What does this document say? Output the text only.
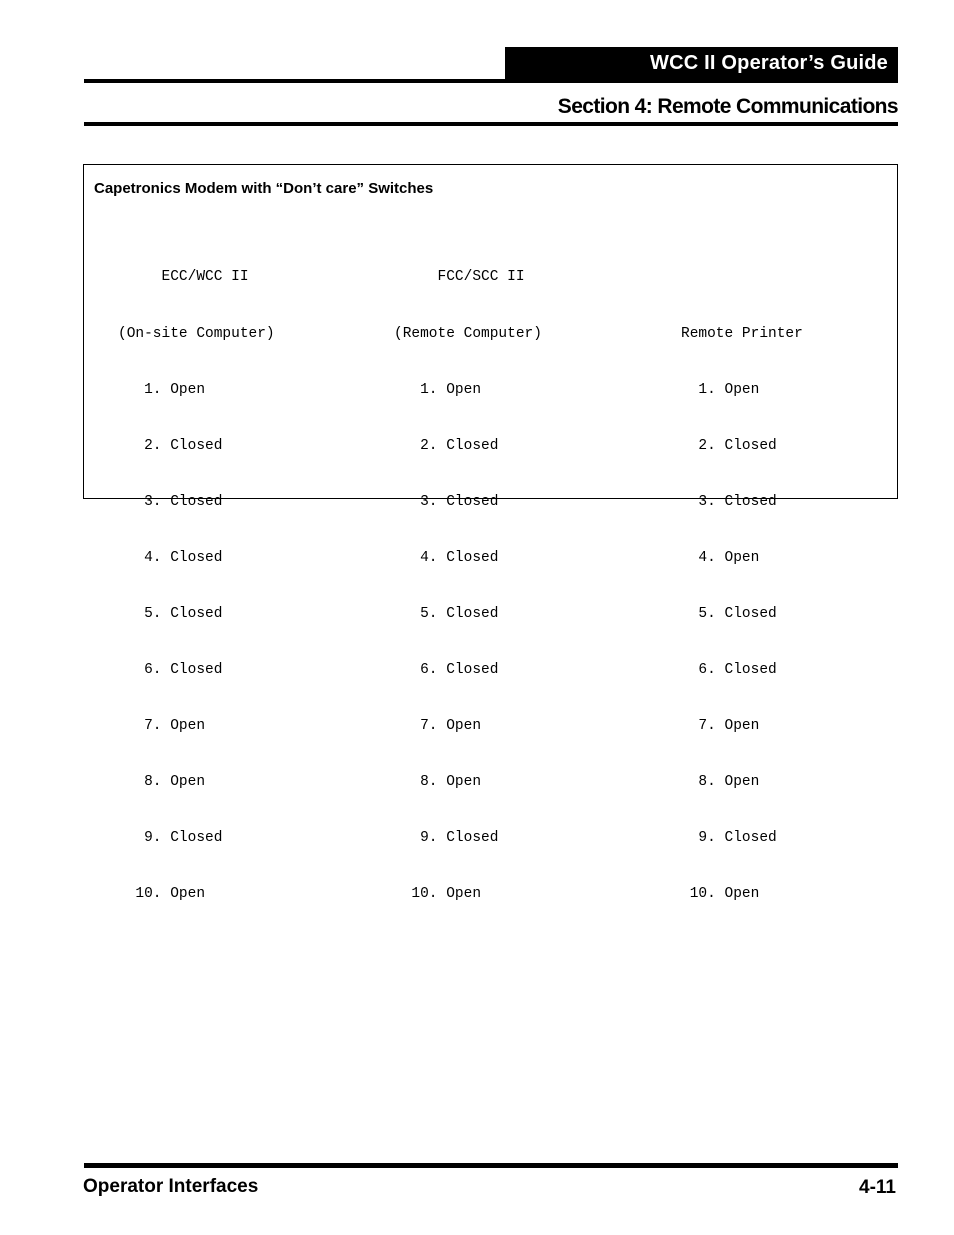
WCC II Operator’s Guide
Section 4: Remote Communications
Capetronics Modem with “Don’t care” Switches

ECC/WCC II

(On-site Computer)

1. Open

2. Closed

3. Closed

4. Closed

5. Closed

6. Closed

7. Open

8. Open

9. Closed

10. Open

FCC/SCC II

(Remote Computer)

1. Open

2. Closed

3. Closed

4. Closed

5. Closed

6. Closed

7. Open

8. Open

9. Closed

10. Open

Remote Printer

1. Open

2. Closed

3. Closed

4. Open

5. Closed

6. Closed

7. Open

8. Open

9. Closed

10. Open

Operator Interfaces	4-11
